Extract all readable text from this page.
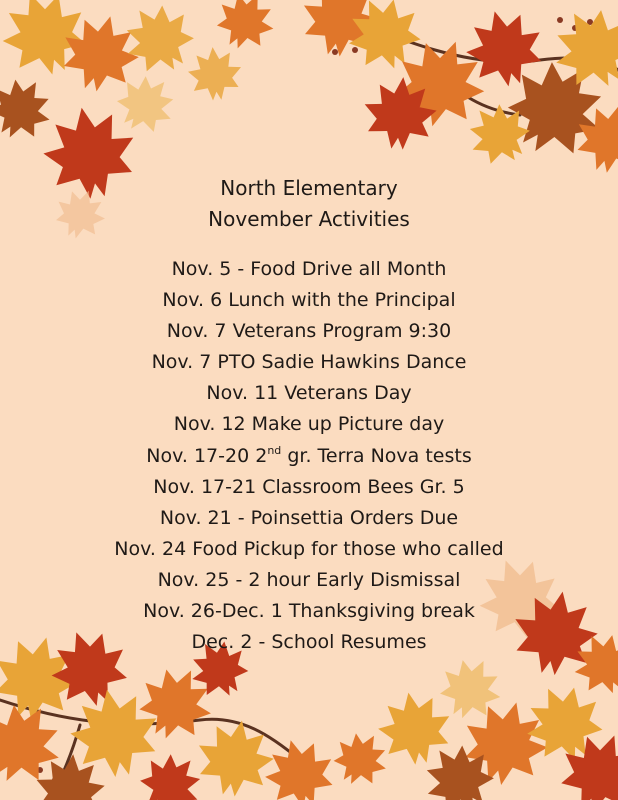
North Elementary
November Activities
Nov. 5 - Food Drive all Month
Nov. 6 Lunch with the Principal
Nov. 7 Veterans Program 9:30
Nov. 7 PTO Sadie Hawkins Dance
Nov. 11 Veterans Day
Nov. 12 Make up Picture day
Nov. 17-20 2nd gr. Terra Nova tests
Nov. 17-21 Classroom Bees Gr. 5
Nov. 21 - Poinsettia Orders Due
Nov. 24 Food Pickup for those who called
Nov. 25 - 2 hour Early Dismissal
Nov. 26-Dec. 1 Thanksgiving break
Dec. 2 - School Resumes
